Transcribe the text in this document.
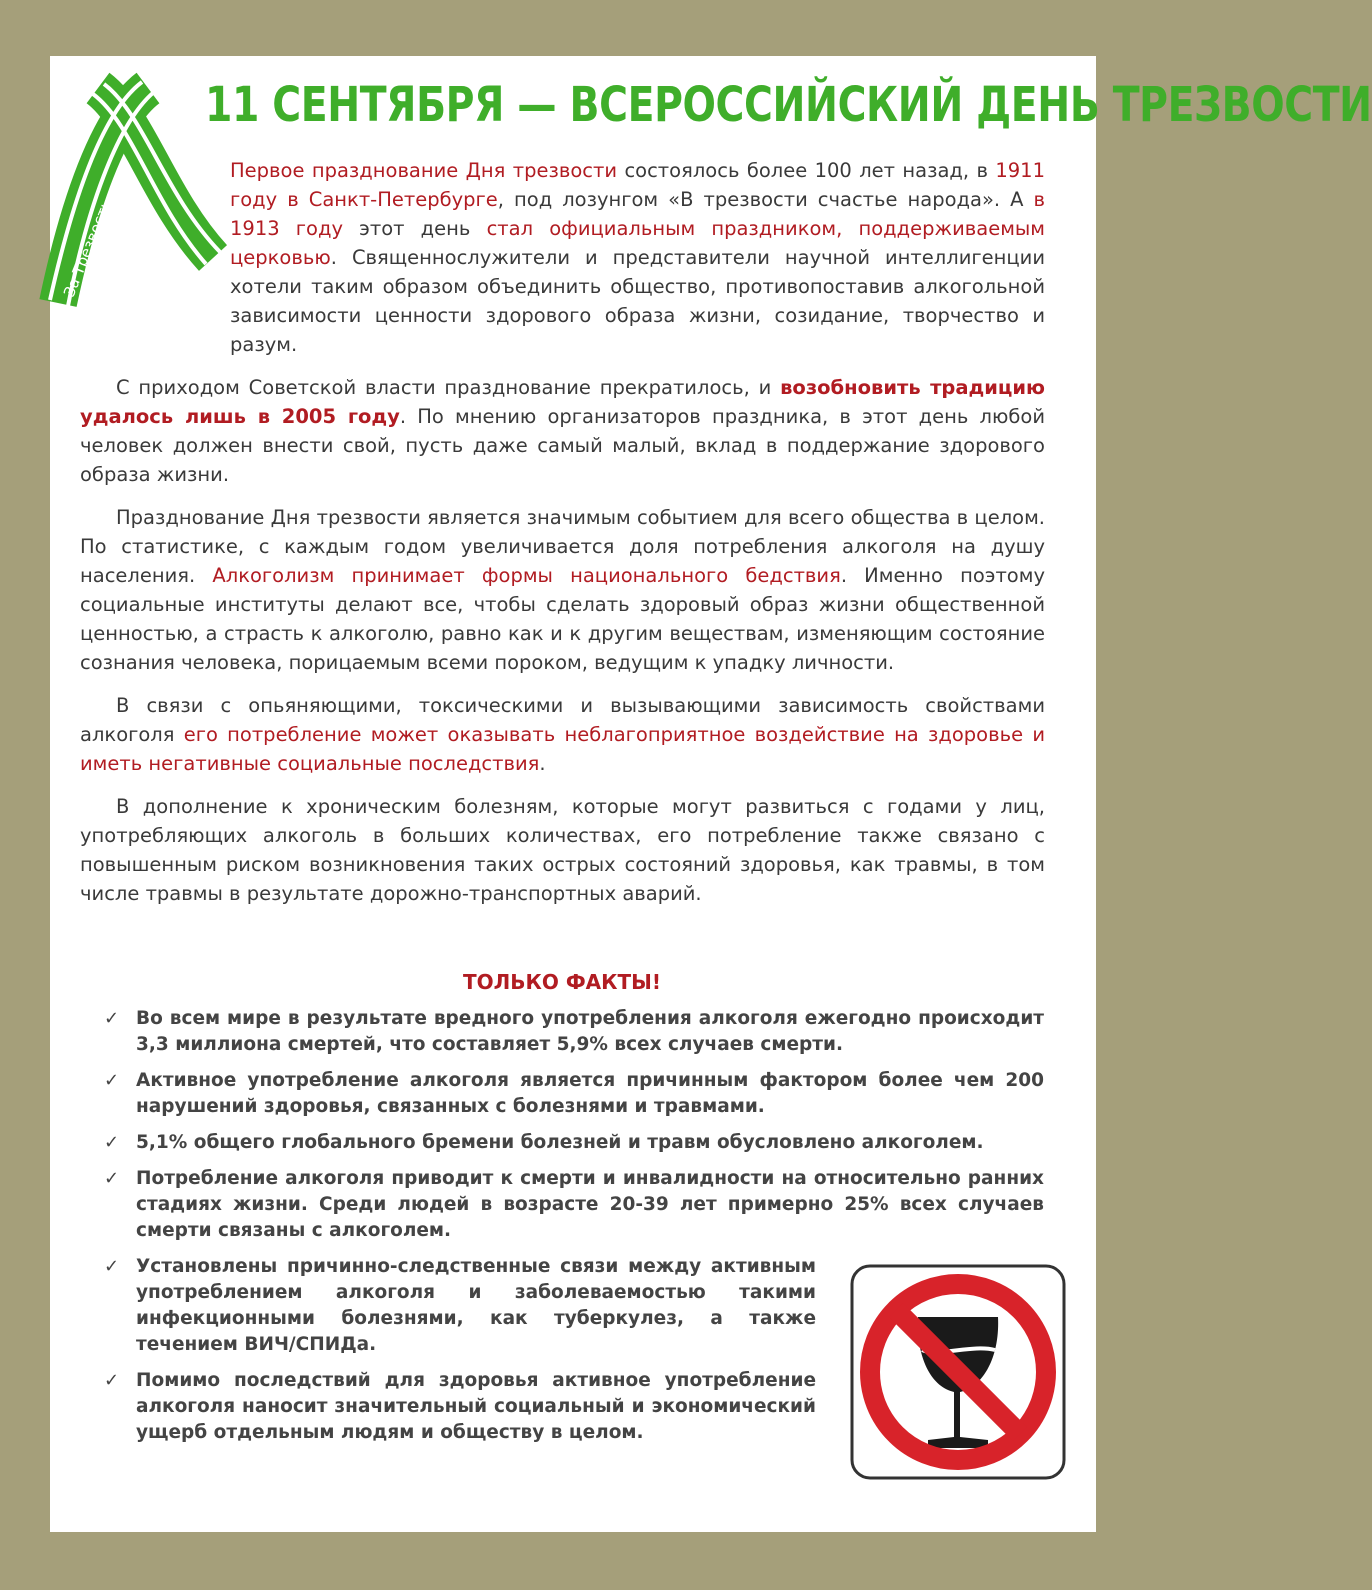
За Трезвость
11 СЕНТЯБРЯ — ВСЕРОССИЙСКИЙ ДЕНЬ ТРЕЗВОСТИ

Первое празднование Дня трезвости состоялось более 100 лет назад, в 1911 году в Санкт-Петербурге, под лозунгом «В трезвости счастье народа». А в 1913 году этот день стал официальным праздником, поддерживаемым церковью. Священнослужители и представители научной интеллигенции хотели таким образом объединить общество, противопоставив алкогольной зависимости ценности здорового образа жизни, созидание, творчество и разум.

С приходом Советской власти празднование прекратилось, и возобновить традицию удалось лишь в 2005 году. По мнению организаторов праздника, в этот день любой человек должен внести свой, пусть даже самый малый, вклад в поддержание здорового образа жизни.

Празднование Дня трезвости является значимым событием для всего общества в целом. По статистике, с каждым годом увеличивается доля потребления алкоголя на душу населения. Алкоголизм принимает формы национального бедствия. Именно поэтому социальные институты делают все, чтобы сделать здоровый образ жизни общественной ценностью, а страсть к алкоголю, равно как и к другим веществам, изменяющим состояние сознания человека, порицаемым всеми пороком, ведущим к упадку личности.

В связи с опьяняющими, токсическими и вызывающими зависимость свойствами алкоголя его потребление может оказывать неблагоприятное воздействие на здоровье и иметь негативные социальные последствия.

В дополнение к хроническим болезням, которые могут развиться с годами у лиц, употребляющих алкоголь в больших количествах, его потребление также связано с повышенным риском возникновения таких острых состояний здоровья, как травмы, в том числе травмы в результате дорожно-транспортных аварий.

ТОЛЬКО ФАКТЫ!
✓ Во всем мире в результате вредного употребления алкоголя ежегодно происходит 3,3 миллиона смертей, что составляет 5,9% всех случаев смерти.
✓ Активное употребление алкоголя является причинным фактором более чем 200 нарушений здоровья, связанных с болезнями и травмами.
✓ 5,1% общего глобального бремени болезней и травм обусловлено алкоголем.
✓ Потребление алкоголя приводит к смерти и инвалидности на относительно ранних стадиях жизни. Среди людей в возрасте 20-39 лет примерно 25% всех случаев смерти связаны с алкоголем.
✓ Установлены причинно-следственные связи между активным употреблением алкоголя и заболеваемостью такими инфекционными болезнями, как туберкулез, а также течением ВИЧ/СПИДа.
✓ Помимо последствий для здоровья активное употребление алкоголя наносит значительный социальный и экономический ущерб отдельным людям и обществу в целом.
